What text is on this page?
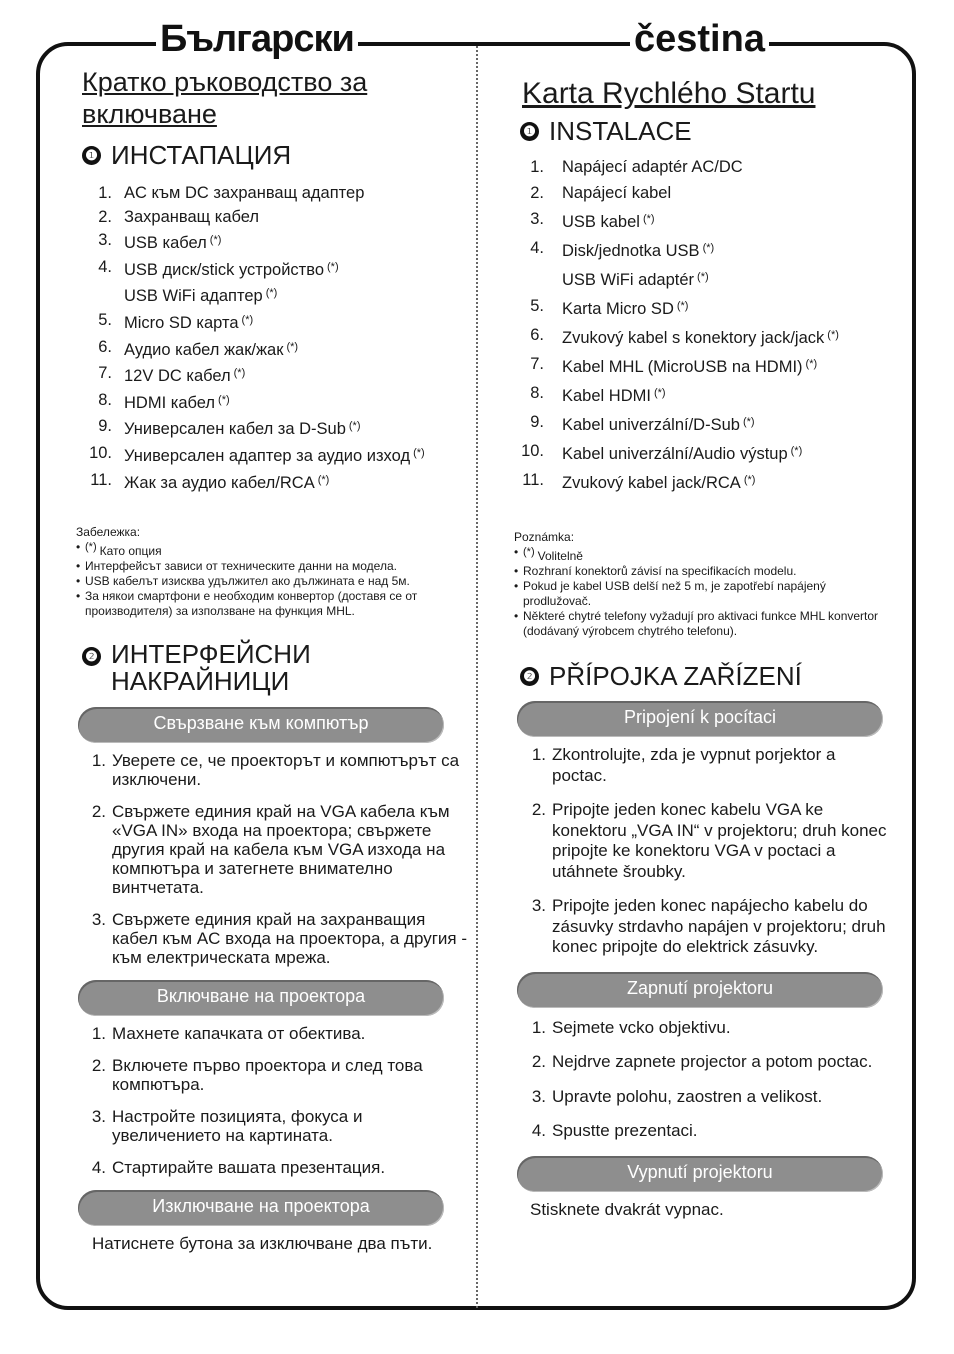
Български	čestina
Кратко ръководство за включване
❶ ИНСТАПАЦИЯ
1. AC към DC захранващ адаптер
2. Захранващ кабел
3. USB кабел (*)
4. USB диск/stick устройство (*)
USB WiFi адаптер (*)
5. Micro SD карта (*)
6. Аудио кабел жак/жак (*)
7. 12V DC кабел (*)
8. HDMI кабел (*)
9. Универсален кабел за D-Sub (*)
10. Универсален адаптер за аудио изход (*)
11. Жак за аудио кабел/RCA (*)
Забележка:
• (*) Като опция
• Интерфейсът зависи от техническите данни на модела.
• USB кабелът изисква удължител ако дължината е над 5м.
• За някои смартфони е необходим конвертор (доставя се от производителя) за използване на функция MHL.
❷ ИНТЕРФЕЙСНИ НАКРАЙНИЦИ
Свързване към компютър
1. Уверете се, че проекторът и компютърът са изключени.
2. Свържете единия край на VGA кабела към «VGA IN» входа на проектора; свържете другия край на кабела към VGA изхода на компютъра и затегнете внимателно винтчетата.
3. Свържете единия край на захранващия кабел към AC входа на проектора, а другия - към електрическата мрежа.
Включване на проектора
1. Махнете капачката от обектива.
2. Включете първо проектора и след това компютъра.
3. Настройте позицията, фокуса и увеличението на картината.
4. Стартирайте вашата презентация.
Изключване на проектора
Натиснете бутона за изключване два пъти.
Karta Rychlého Startu
❶ INSTALACE
1.	Napájecí adaptér AC/DC
2.	Napájecí kabel
3.	USB kabel (*)
4.	Disk/jednotka USB (*)
USB WiFi adaptér (*)
5.	Karta Micro SD (*)
6.	Zvukový kabel s konektory jack/jack (*)
7.	Kabel MHL (MicroUSB na HDMI) (*)
8.	Kabel HDMI (*)
9.	Kabel univerzální/D-Sub (*)
10.	Kabel univerzální/Audio výstup (*)
11.	Zvukový kabel jack/RCA (*)
Poznámka:
• (*) Volitelně
• Rozhraní konektorů závisí na specifikacích modelu.
• Pokud je kabel USB delší než 5 m, je zapotřebí napájený prodlužovač.
• Některé chytré telefony vyžadují pro aktivaci funkce MHL konvertor (dodávaný výrobcem chytrého telefonu).
❷ PŘÍPOJKA ZAŘÍZENÍ
Pripojení k pocítaci
1. Zkontrolujte, zda je vypnut porjektor a poctac.
2. Pripojte jeden konec kabelu VGA ke konektoru „VGA IN“ v projektoru; druh konec pripojte ke konektoru VGA v poctaci a utáhnete šroubky.
3. Pripojte jeden konec napájecho kabelu do zásuvky strdavho napájen v projektoru; druh konec pripojte do elektrick zásuvky.
Zapnutí projektoru
1. Sejmete vcko objektivu.
2. Nejdrve zapnete projector a potom poctac.
3. Upravte polohu, zaostren a velikost.
4. Spustte prezentaci.
Vypnutí projektoru
Stisknete dvakrát vypnac.
